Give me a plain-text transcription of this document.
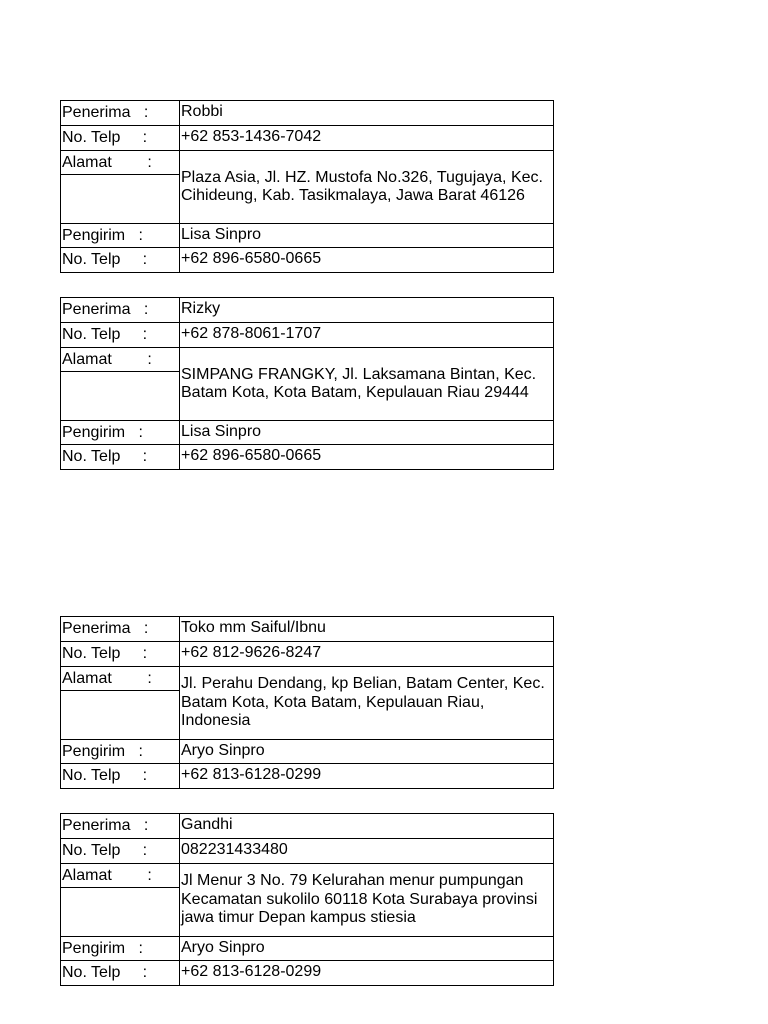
Penerima   :	Robbi
No. Telp     :	+62 853-1436-7042
Alamat        :
Plaza Asia, Jl. HZ. Mustofa No.326, Tugujaya, Kec.
Cihideung, Kab. Tasikmalaya, Jawa Barat 46126
Pengirim   :	Lisa Sinpro
No. Telp     :	+62 896-6580-0665
Penerima   :	Rizky
No. Telp     :	+62 878-8061-1707
Alamat        :
SIMPANG FRANGKY, Jl. Laksamana Bintan, Kec.
Batam Kota, Kota Batam, Kepulauan Riau 29444
Pengirim   :	Lisa Sinpro
No. Telp     :	+62 896-6580-0665
Penerima   :	Toko mm Saiful/Ibnu
No. Telp     :	+62 812-9626-8247
Alamat        :	Jl. Perahu Dendang, kp Belian, Batam Center, Kec.
Batam Kota, Kota Batam, Kepulauan Riau,
Indonesia
Pengirim   :	Aryo Sinpro
No. Telp     :	+62 813-6128-0299
Penerima   :	Gandhi
No. Telp     :	082231433480
Alamat        :	Jl Menur 3 No. 79 Kelurahan menur pumpungan
Kecamatan sukolilo 60118 Kota Surabaya provinsi
jawa timur Depan kampus stiesia
Pengirim   :	Aryo Sinpro
No. Telp     :	+62 813-6128-0299
